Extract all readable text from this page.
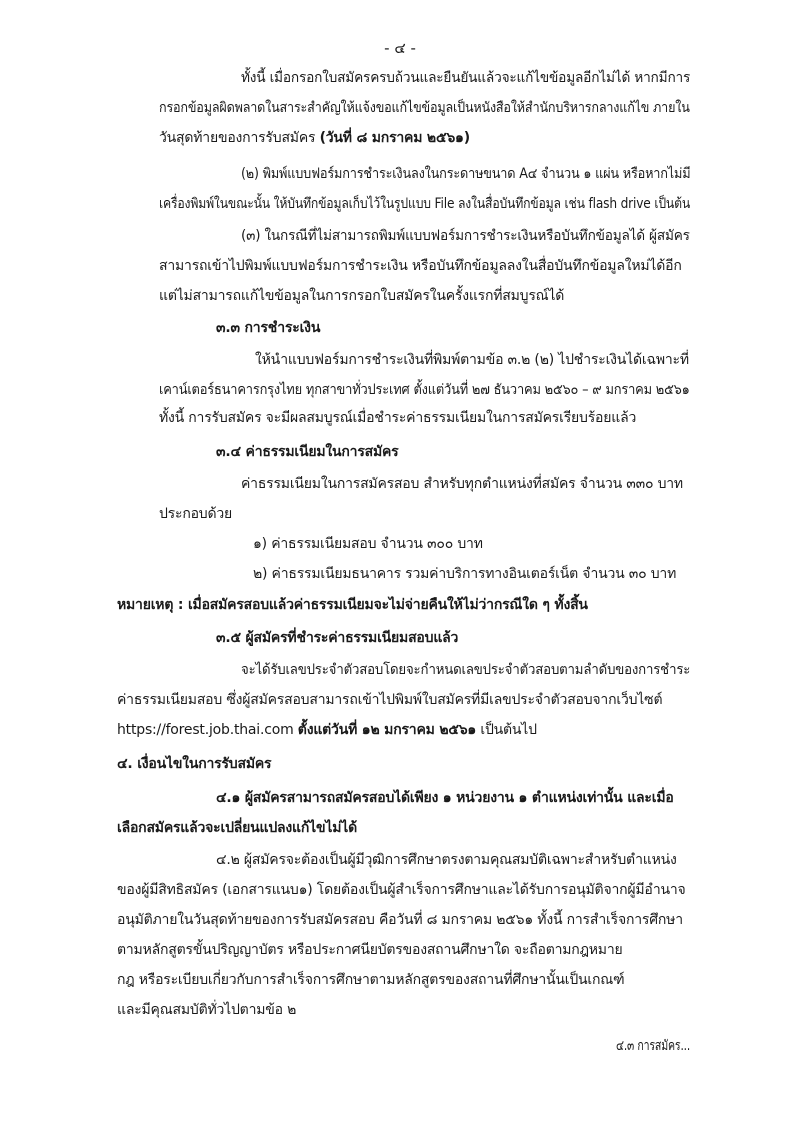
- ๔ -
ทั้งนี้ เมื่อกรอกใบสมัครครบถ้วนและยืนยันแล้วจะแก้ไขข้อมูลอีกไม่ได้ หากมีการ
กรอกข้อมูลผิดพลาดในสาระสำคัญให้แจ้งขอแก้ไขข้อมูลเป็นหนังสือให้สำนักบริหารกลางแก้ไข ภายใน
วันสุดท้ายของการรับสมัคร (วันที่ ๘ มกราคม ๒๕๖๑)
(๒) พิมพ์แบบฟอร์มการชำระเงินลงในกระดาษขนาด A๔ จำนวน ๑ แผ่น หรือหากไม่มี
เครื่องพิมพ์ในขณะนั้น ให้บันทึกข้อมูลเก็บไว้ในรูปแบบ File ลงในสื่อบันทึกข้อมูล เช่น flash drive เป็นต้น
(๓) ในกรณีที่ไม่สามารถพิมพ์แบบฟอร์มการชำระเงินหรือบันทึกข้อมูลได้ ผู้สมัคร
สามารถเข้าไปพิมพ์แบบฟอร์มการชำระเงิน หรือบันทึกข้อมูลลงในสื่อบันทึกข้อมูลใหม่ได้อีก
แต่ไม่สามารถแก้ไขข้อมูลในการกรอกใบสมัครในครั้งแรกที่สมบูรณ์ได้
๓.๓ การชำระเงิน
ให้นำแบบฟอร์มการชำระเงินที่พิมพ์ตามข้อ ๓.๒ (๒) ไปชำระเงินได้เฉพาะที่
เคาน์เตอร์ธนาคารกรุงไทย ทุกสาขาทั่วประเทศ ตั้งแต่วันที่ ๒๗ ธันวาคม ๒๕๖๐ – ๙ มกราคม ๒๕๖๑
ทั้งนี้ การรับสมัคร จะมีผลสมบูรณ์เมื่อชำระค่าธรรมเนียมในการสมัครเรียบร้อยแล้ว
๓.๔ ค่าธรรมเนียมในการสมัคร
ค่าธรรมเนียมในการสมัครสอบ สำหรับทุกตำแหน่งที่สมัคร จำนวน ๓๓๐ บาท
ประกอบด้วย
๑) ค่าธรรมเนียมสอบ จำนวน ๓๐๐ บาท
๒) ค่าธรรมเนียมธนาคาร รวมค่าบริการทางอินเตอร์เน็ต จำนวน ๓๐ บาท
หมายเหตุ : เมื่อสมัครสอบแล้วค่าธรรมเนียมจะไม่จ่ายคืนให้ไม่ว่ากรณีใด ๆ ทั้งสิ้น
๓.๕ ผู้สมัครที่ชำระค่าธรรมเนียมสอบแล้ว
จะได้รับเลขประจำตัวสอบโดยจะกำหนดเลขประจำตัวสอบตามลำดับของการชำระ
ค่าธรรมเนียมสอบ ซึ่งผู้สมัครสอบสามารถเข้าไปพิมพ์ใบสมัครที่มีเลขประจำตัวสอบจากเว็บไซต์
https://forest.job.thai.com ตั้งแต่วันที่ ๑๒ มกราคม ๒๕๖๑ เป็นต้นไป
๔. เงื่อนไขในการรับสมัคร
๔.๑ ผู้สมัครสามารถสมัครสอบได้เพียง ๑ หน่วยงาน ๑ ตำแหน่งเท่านั้น และเมื่อ
เลือกสมัครแล้วจะเปลี่ยนแปลงแก้ไขไม่ได้
๔.๒ ผู้สมัครจะต้องเป็นผู้มีวุฒิการศึกษาตรงตามคุณสมบัติเฉพาะสำหรับตำแหน่ง
ของผู้มีสิทธิสมัคร (เอกสารแนบ๑) โดยต้องเป็นผู้สำเร็จการศึกษาและได้รับการอนุมัติจากผู้มีอำนาจ
อนุมัติภายในวันสุดท้ายของการรับสมัครสอบ คือวันที่ ๘ มกราคม ๒๕๖๑ ทั้งนี้ การสำเร็จการศึกษา
ตามหลักสูตรขั้นปริญญาบัตร หรือประกาศนียบัตรของสถานศึกษาใด จะถือตามกฎหมาย
กฎ หรือระเบียบเกี่ยวกับการสำเร็จการศึกษาตามหลักสูตรของสถานที่ศึกษานั้นเป็นเกณฑ์
และมีคุณสมบัติทั่วไปตามข้อ ๒
๔.๓ การสมัคร...
